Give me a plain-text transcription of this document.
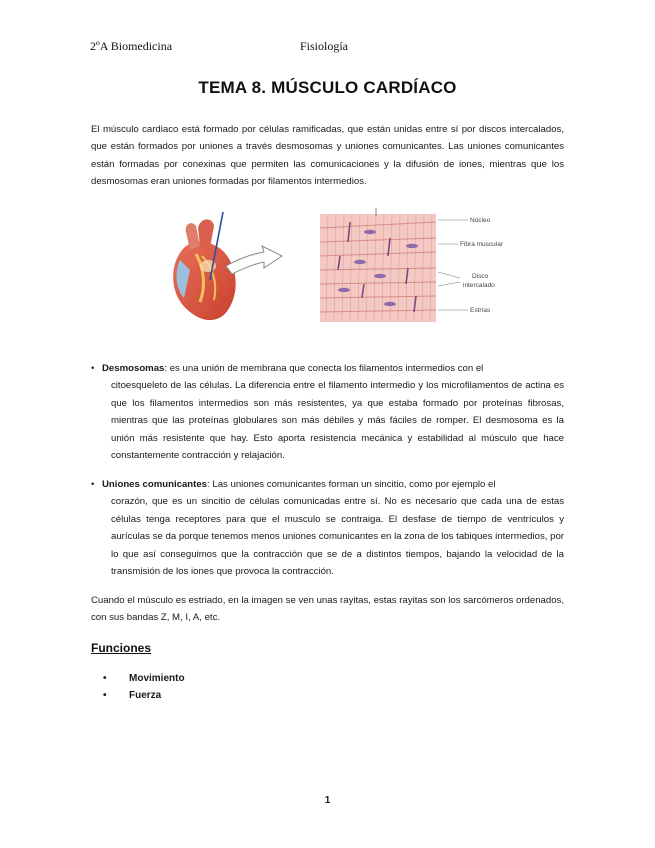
2ºA Biomedicina	Fisiología
TEMA 8. MÚSCULO CARDÍACO
El músculo cardiaco está formado por células ramificadas, que están unidas entre sí por discos intercalados, que están formados por uniones a través desmosomas y uniones comunicantes. Las uniones comunicantes están formadas por conexinas que permiten las comunicaciones y la difusión de iones, mientras que los desmosomas eran uniones formadas por filamentos intermedios.
Núcleo
Fibra muscular
Disco
intercalado
Estrías
• Desmosomas: es una unión de membrana que conecta los filamentos intermedios con el
citoesqueleto de las células. La diferencia entre el filamento intermedio y los microfilamentos de actina es que los filamentos intermedios son más resistentes, ya que estaba formado por proteínas fibrosas, mientras que las proteínas globulares son más débiles y más fáciles de romper. El desmosoma es la unión más resistente que hay. Esto aporta resistencia mecánica y estabilidad al músculo que hace constantemente contracción y relajación.
• Uniones comunicantes: Las uniones comunicantes forman un sincitio, como por ejemplo el
corazón, que es un sincitio de células comunicadas entre sí. No es necesario que cada una de estas células tenga receptores para que el musculo se contraiga. El desfase de tiempo de ventrículos y aurículas se da porque tenemos menos uniones comunicantes en la zona de los tabiques intermedios, por lo que así conseguimos que la contracción que se de a distintos tiempos, bajando la velocidad de la transmisión de los iones que provoca la contracción.
Cuando el músculo es estriado, en la imagen se ven unas rayitas, estas rayitas son los sarcómeros ordenados, con sus bandas Z, M, I, A, etc.
Funciones
• Movimiento
• Fuerza
1
